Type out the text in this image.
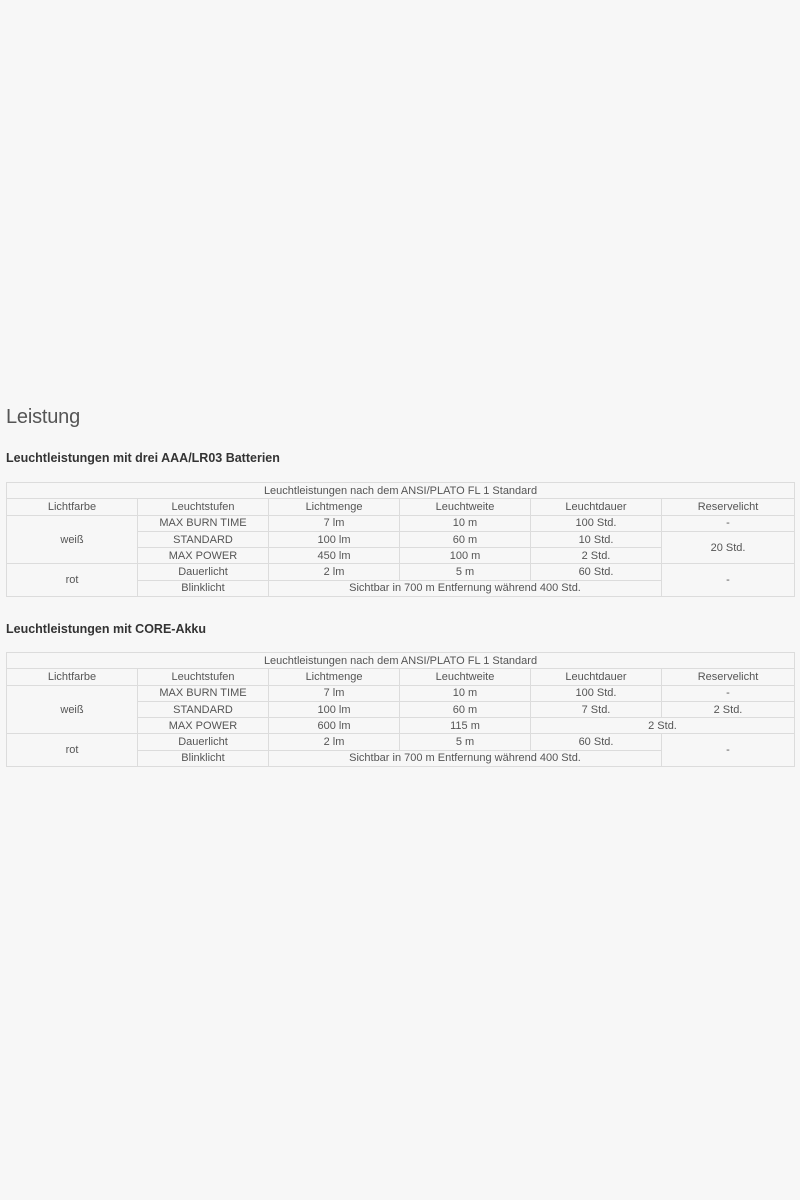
Leistung
Leuchtleistungen mit drei AAA/LR03 Batterien
Leuchtleistungen nach dem ANSI/PLATO FL 1 Standard					
Lichtfarbe	Leuchtstufen	Lichtmenge	Leuchtweite	Leuchtdauer	Reservelicht
weiß	MAX BURN TIME	7 lm	10 m	100 Std.	-
	STANDARD	100 lm	60 m	10 Std.	20 Std.
	MAX POWER	450 lm	100 m	2 Std.	
rot	Dauerlicht	2 lm	5 m	60 Std.	-
	Blinklicht	Sichtbar in 700 m Entfernung während 400 Std.			
Leuchtleistungen mit CORE-Akku
Leuchtleistungen nach dem ANSI/PLATO FL 1 Standard					
Lichtfarbe	Leuchtstufen	Lichtmenge	Leuchtweite	Leuchtdauer	Reservelicht
weiß	MAX BURN TIME	7 lm	10 m	100 Std.	-
	STANDARD	100 lm	60 m	7 Std.	2 Std.
	MAX POWER	600 lm	115 m	2 Std.	
rot	Dauerlicht	2 lm	5 m	60 Std.	-
	Blinklicht	Sichtbar in 700 m Entfernung während 400 Std.			
